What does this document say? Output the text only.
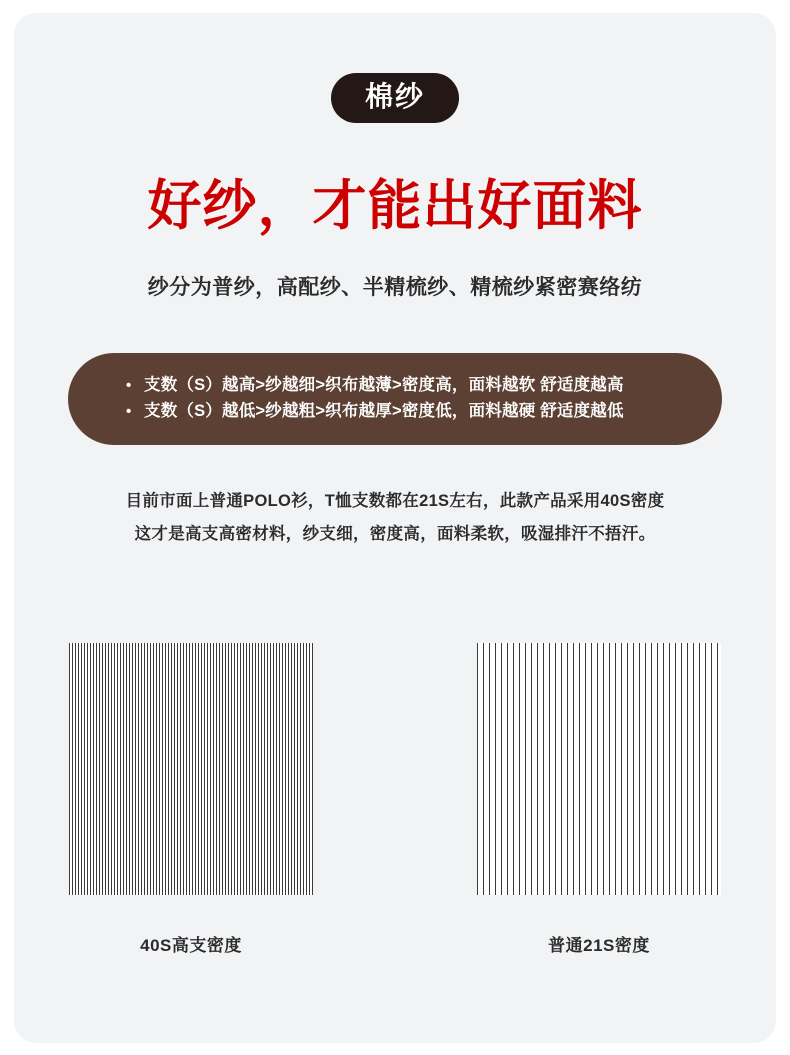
棉纱
好纱，才能出好面料
纱分为普纱，高配纱、半精梳纱、精梳纱紧密赛络纺
• 支数（S）越高>纱越细>织布越薄>密度高，面料越软 舒适度越高
• 支数（S）越低>纱越粗>织布越厚>密度低，面料越硬 舒适度越低
目前市面上普通POLO衫，T恤支数都在21S左右，此款产品采用40S密度
这才是高支高密材料，纱支细，密度高，面料柔软，吸湿排汗不捂汗。
40S高支密度	普通21S密度
